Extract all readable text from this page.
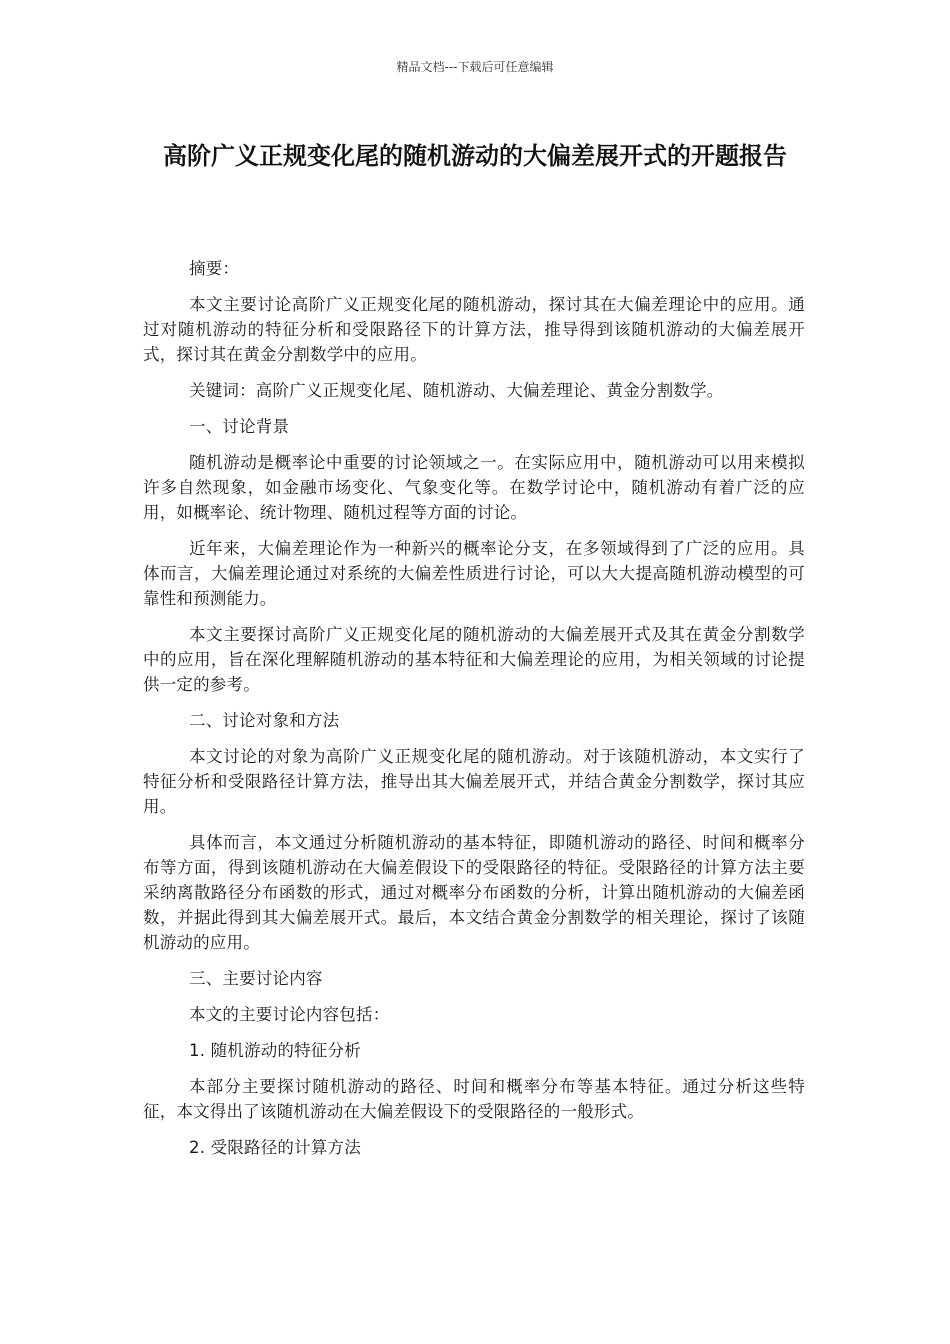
精品文档---下载后可任意编辑
高阶广义正规变化尾的随机游动的大偏差展开式的开题报告

摘要：

本文主要讨论高阶广义正规变化尾的随机游动，探讨其在大偏差理论中的应用。通过对随机游动的特征分析和受限路径下的计算方法，推导得到该随机游动的大偏差展开式，探讨其在黄金分割数学中的应用。

关键词：高阶广义正规变化尾、随机游动、大偏差理论、黄金分割数学。

一、讨论背景

随机游动是概率论中重要的讨论领域之一。在实际应用中，随机游动可以用来模拟许多自然现象，如金融市场变化、气象变化等。在数学讨论中，随机游动有着广泛的应用，如概率论、统计物理、随机过程等方面的讨论。

近年来，大偏差理论作为一种新兴的概率论分支，在多领域得到了广泛的应用。具体而言，大偏差理论通过对系统的大偏差性质进行讨论，可以大大提高随机游动模型的可靠性和预测能力。

本文主要探讨高阶广义正规变化尾的随机游动的大偏差展开式及其在黄金分割数学中的应用，旨在深化理解随机游动的基本特征和大偏差理论的应用，为相关领域的讨论提供一定的参考。

二、讨论对象和方法

本文讨论的对象为高阶广义正规变化尾的随机游动。对于该随机游动，本文实行了特征分析和受限路径计算方法，推导出其大偏差展开式，并结合黄金分割数学，探讨其应用。

具体而言，本文通过分析随机游动的基本特征，即随机游动的路径、时间和概率分布等方面，得到该随机游动在大偏差假设下的受限路径的特征。受限路径的计算方法主要采纳离散路径分布函数的形式，通过对概率分布函数的分析，计算出随机游动的大偏差函数，并据此得到其大偏差展开式。最后，本文结合黄金分割数学的相关理论，探讨了该随机游动的应用。

三、主要讨论内容

本文的主要讨论内容包括：

1. 随机游动的特征分析

本部分主要探讨随机游动的路径、时间和概率分布等基本特征。通过分析这些特征，本文得出了该随机游动在大偏差假设下的受限路径的一般形式。

2. 受限路径的计算方法
